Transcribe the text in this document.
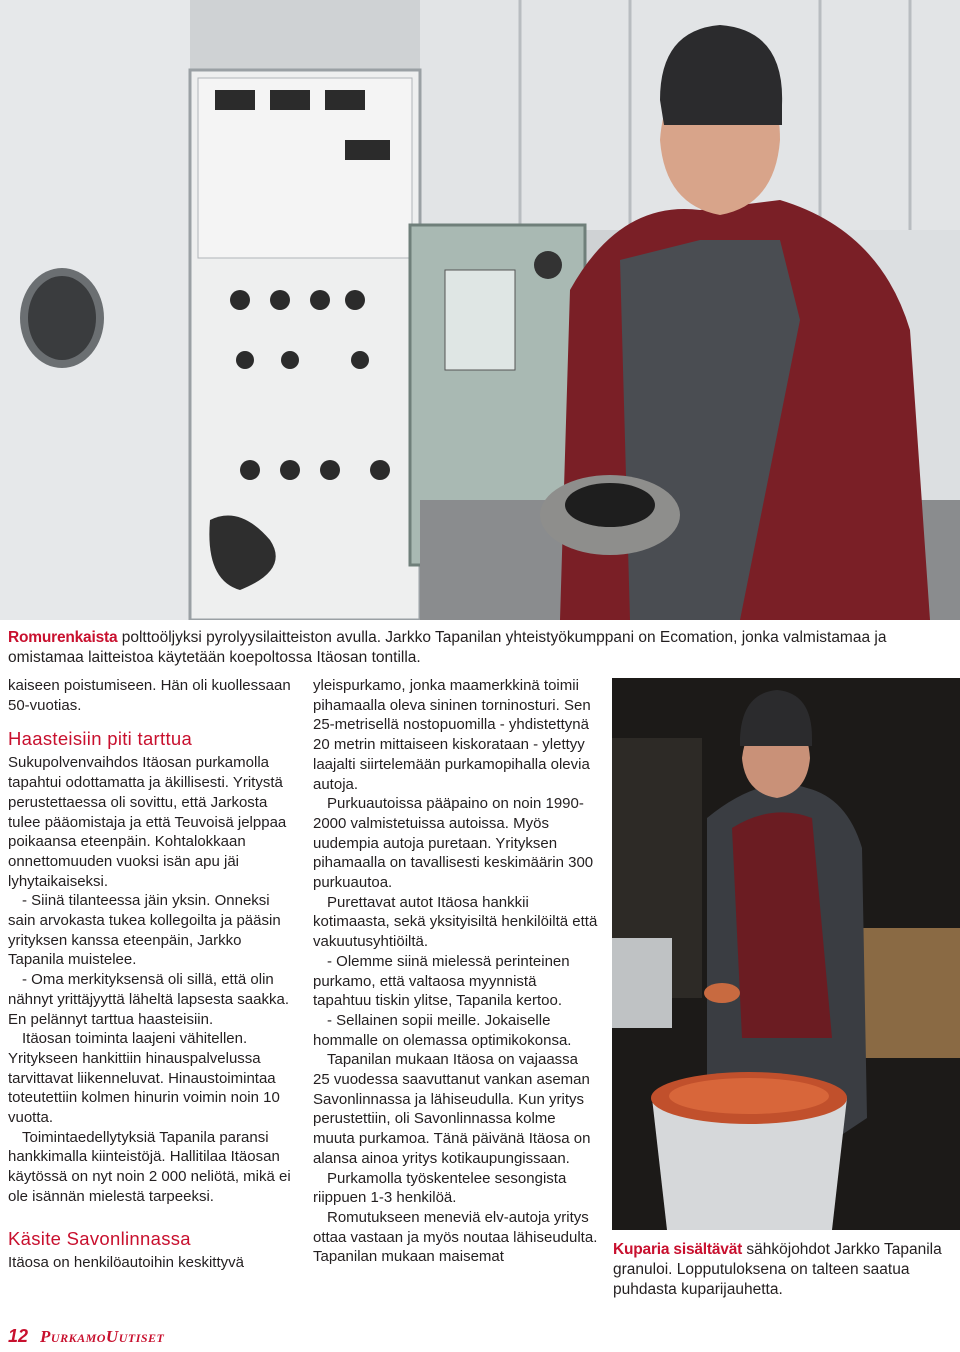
Romurenkaista polttoöljyksi pyrolyysilaitteiston avulla. Jarkko Tapanilan yhteistyökumppani on Ecomation, jonka valmistamaa ja omistamaa laitteistoa käytetään koepoltossa Itäosan tontilla.

kaiseen poistumiseen. Hän oli kuollessaan 50-vuotias.

Haasteisiin piti tarttua

Sukupolvenvaihdos Itäosan purkamolla tapahtui odottamatta ja äkillisesti. Yritystä perustettaessa oli sovittu, että Jarkosta tulee pääomistaja ja että Teuvoisä jelppaa poikaansa eteenpäin. Kohtalokkaan onnettomuuden vuoksi isän apu jäi lyhytaikaiseksi.

- Siinä tilanteessa jäin yksin. Onneksi sain arvokasta tukea kollegoilta ja pääsin yrityksen kanssa eteenpäin, Jarkko Tapanila muistelee.

- Oma merkityksensä oli sillä, että olin nähnyt yrittäjyyttä läheltä lapsesta saakka. En pelännyt tarttua haasteisiin.

Itäosan toiminta laajeni vähitellen. Yritykseen hankittiin hinauspalvelussa tarvittavat liikenneluvat. Hinaustoimintaa toteutettiin kolmen hinurin voimin noin 10 vuotta.

Toimintaedellytyksiä Tapanila paransi hankkimalla kiinteistöjä. Hallitilaa Itäosan käytössä on nyt noin 2 000 neliötä, mikä ei ole isännän mielestä tarpeeksi.

Käsite Savonlinnassa

Itäosa on henkilöautoihin keskittyvä

yleispurkamo, jonka maamerkkinä toimii pihamaalla oleva sininen torninosturi. Sen 25-metrisellä nostopuomilla - yhdistettynä 20 metrin mittaiseen kiskorataan - ylettyy laajalti siirtelemään purkamopihalla olevia autoja.

Purkuautoissa pääpaino on noin 1990-2000 valmistetuissa autoissa. Myös uudempia autoja puretaan. Yrityksen pihamaalla on tavallisesti keskimäärin 300 purkuautoa.

Purettavat autot Itäosa hankkii kotimaasta, sekä yksityisiltä henkilöiltä että vakuutusyhtiöiltä.

- Olemme siinä mielessä perinteinen purkamo, että valtaosa myynnistä tapahtuu tiskin ylitse, Tapanila kertoo.

- Sellainen sopii meille. Jokaiselle hommalle on olemassa optimikokonsa.

Tapanilan mukaan Itäosa on vajaassa 25 vuodessa saavuttanut vankan aseman Savonlinnassa ja lähiseudulla. Kun yritys perustettiin, oli Savonlinnassa kolme muuta purkamoa. Tänä päivänä Itäosa on alansa ainoa yritys kotikaupungissaan.

Purkamolla työskentelee sesongista riippuen 1-3 henkilöä.

Romutukseen meneviä elv-autoja yritys ottaa vastaan ja myös noutaa lähiseudulta. Tapanilan mukaan maisemat	Kuparia sisältävät sähköjohdot Jarkko Tapanila granuloi. Lopputuloksena on talteen saatua puhdasta kuparijauhetta.
12 PurkamoUutiset
